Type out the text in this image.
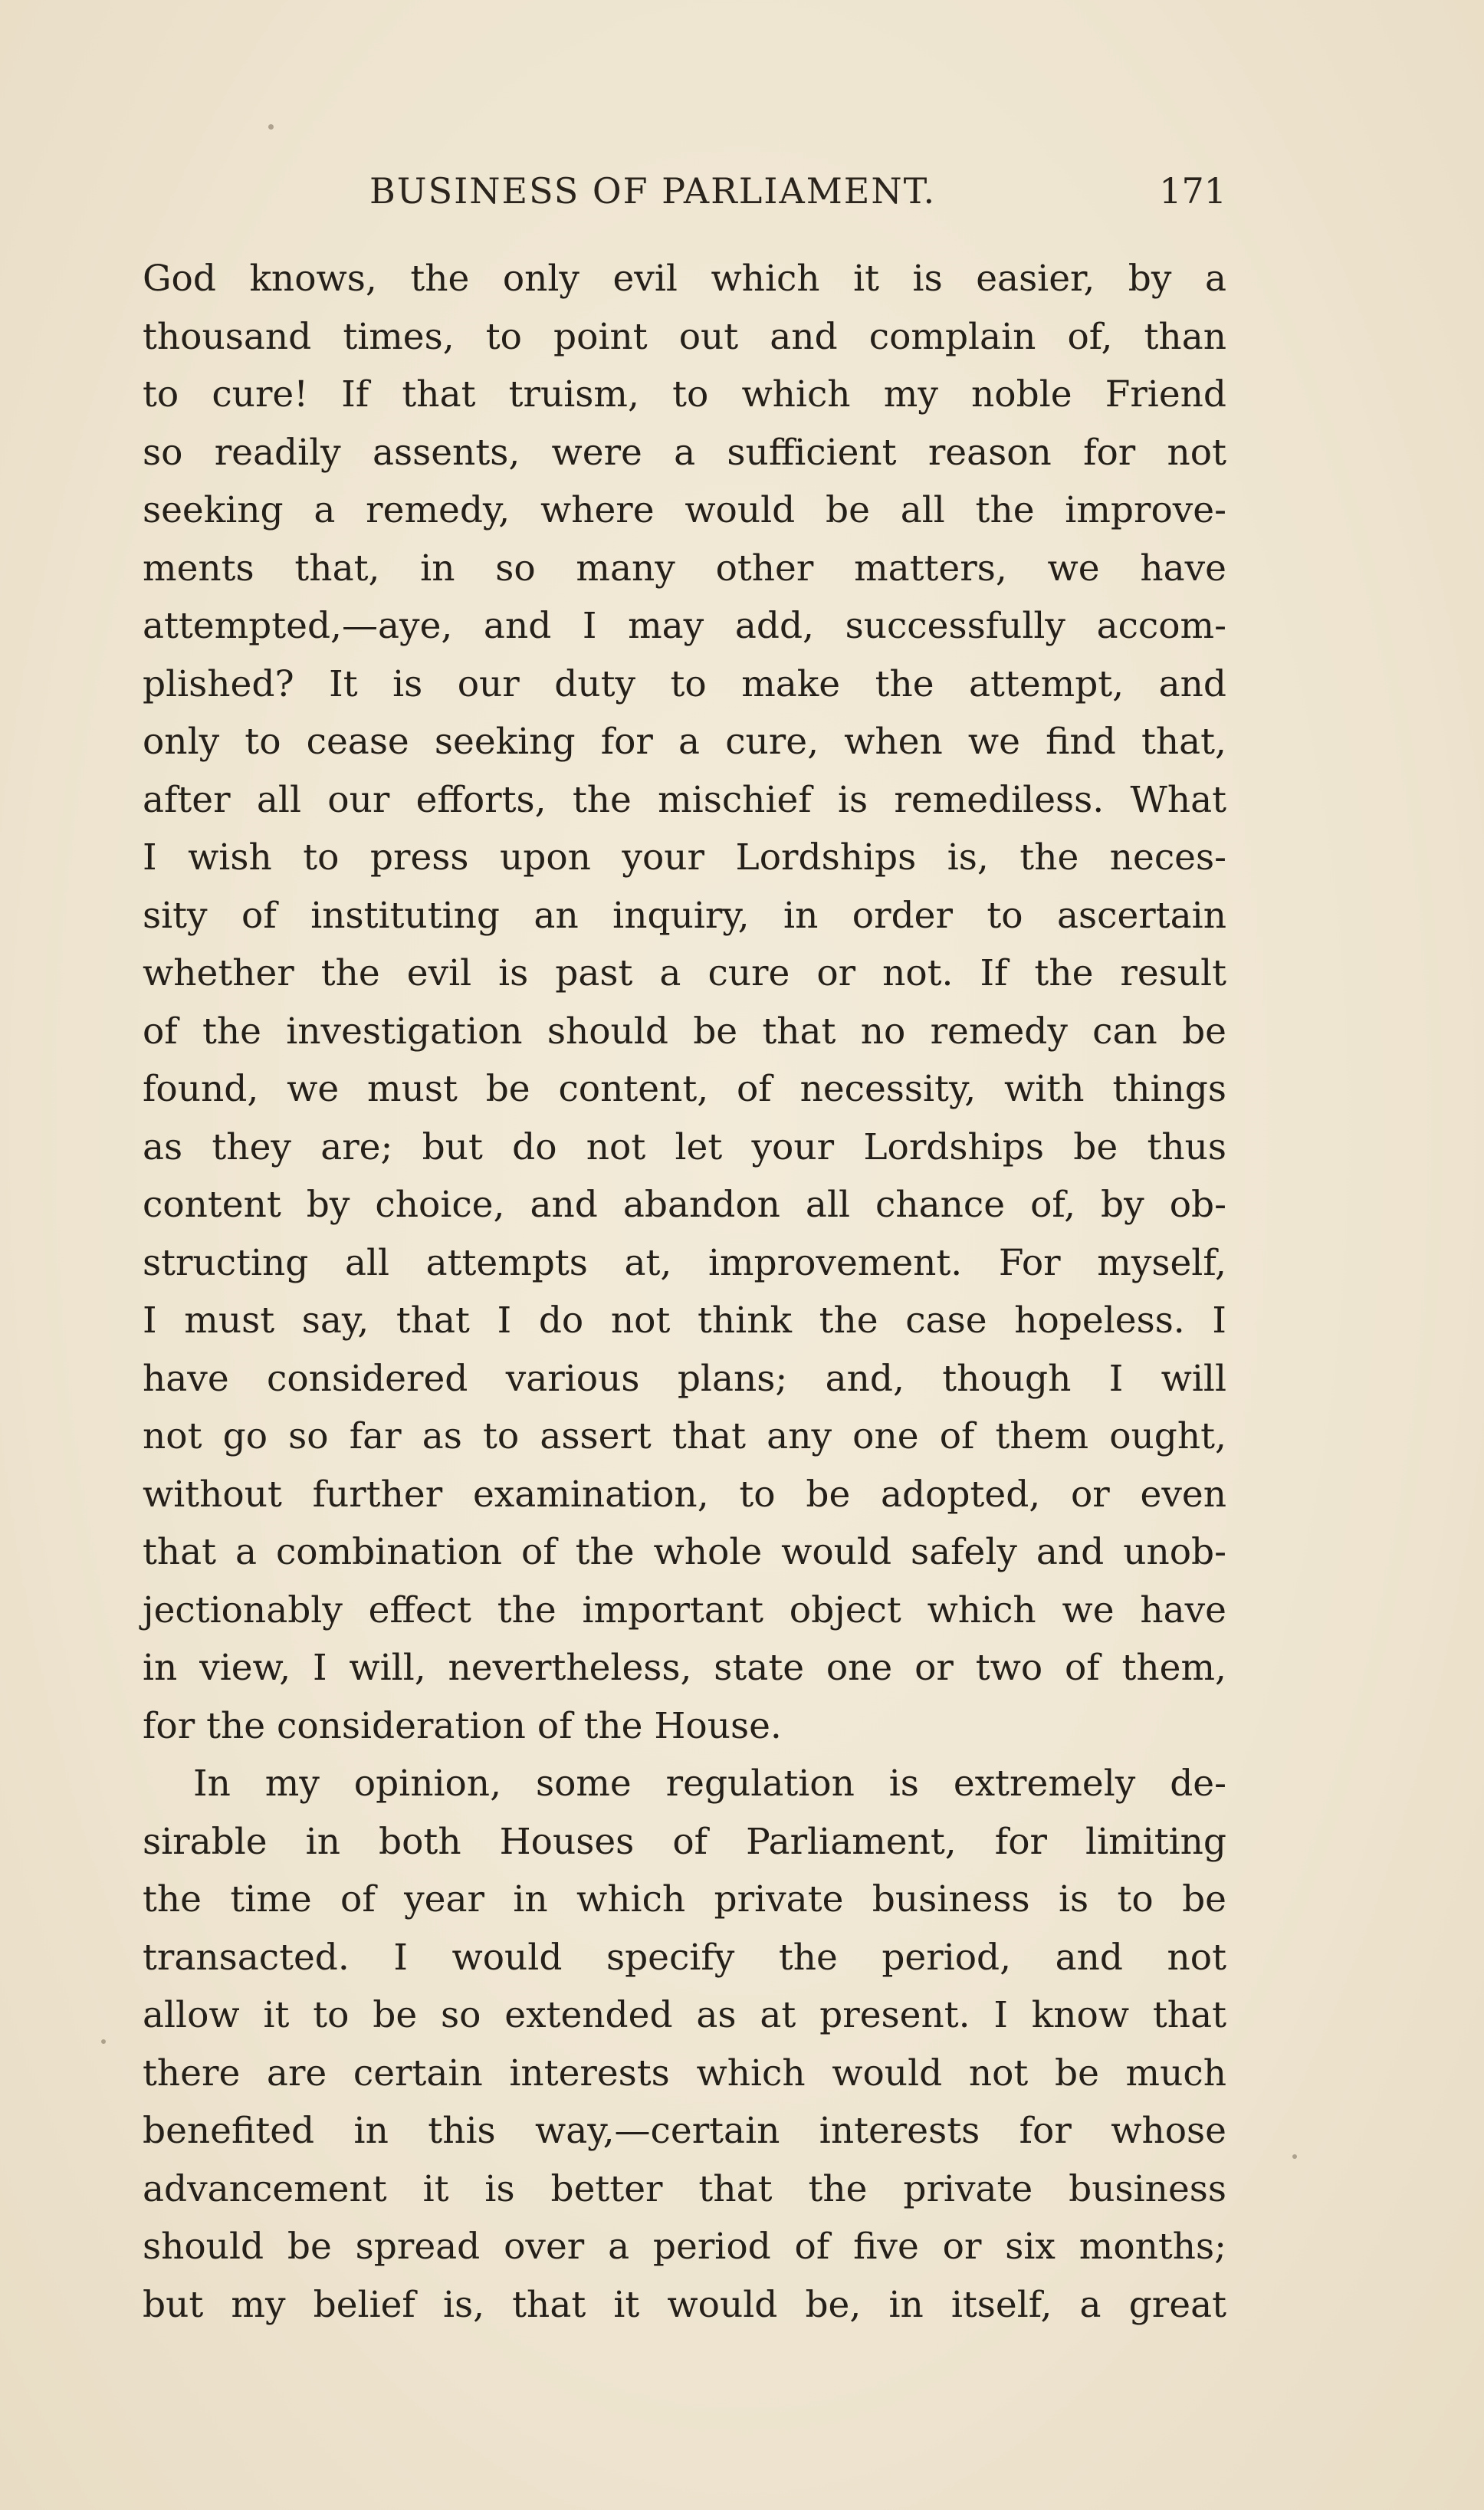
BUSINESS OF PARLIAMENT.	171
God knows, the only evil which it is easier, by a
thousand times, to point out and complain of, than
to cure! If that truism, to which my noble Friend
so readily assents, were a sufficient reason for not
seeking a remedy, where would be all the improve-
ments that, in so many other matters, we have
attempted,—aye, and I may add, successfully accom-
plished? It is our duty to make the attempt, and
only to cease seeking for a cure, when we find that,
after all our efforts, the mischief is remediless. What
I wish to press upon your Lordships is, the neces-
sity of instituting an inquiry, in order to ascertain
whether the evil is past a cure or not. If the result
of the investigation should be that no remedy can be
found, we must be content, of necessity, with things
as they are; but do not let your Lordships be thus
content by choice, and abandon all chance of, by ob-
structing all attempts at, improvement. For myself,
I must say, that I do not think the case hopeless. I
have considered various plans; and, though I will
not go so far as to assert that any one of them ought,
without further examination, to be adopted, or even
that a combination of the whole would safely and unob-
jectionably effect the important object which we have
in view, I will, nevertheless, state one or two of them,
for the consideration of the House.
In my opinion, some regulation is extremely de-
sirable in both Houses of Parliament, for limiting
the time of year in which private business is to be
transacted. I would specify the period, and not
allow it to be so extended as at present. I know that
there are certain interests which would not be much
benefited in this way,—certain interests for whose
advancement it is better that the private business
should be spread over a period of five or six months;
but my belief is, that it would be, in itself, a great
